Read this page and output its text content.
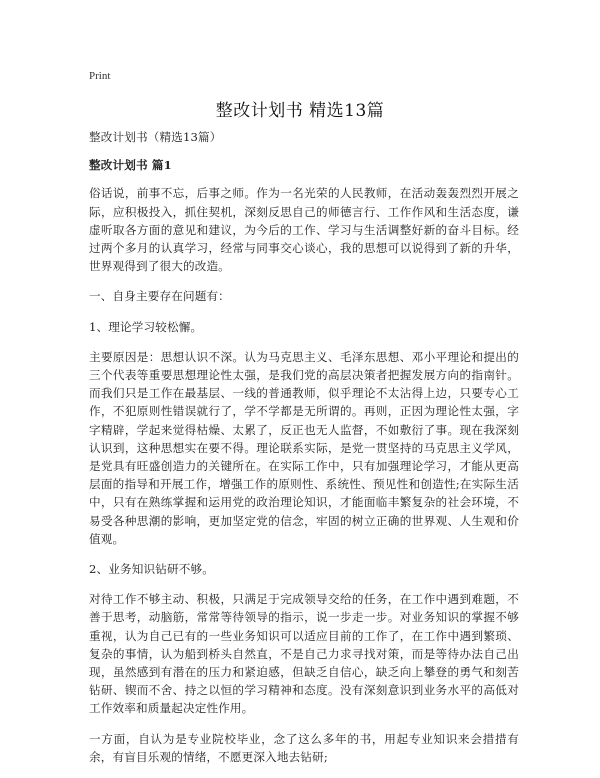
Print
整改计划书 精选13篇

整改计划书（精选13篇）

整改计划书 篇1

俗话说，前事不忘，后事之师。作为一名光荣的人民教师，在活动轰轰烈烈开展之际，应积极投入，抓住契机，深刻反思自己的师德言行、工作作风和生活态度，谦虚听取各方面的意见和建议，为今后的工作、学习与生活调整好新的奋斗目标。经过两个多月的认真学习，经常与同事交心谈心，我的思想可以说得到了新的升华，世界观得到了很大的改造。

一、自身主要存在问题有：

1、理论学习较松懈。

主要原因是：思想认识不深。认为马克思主义、毛泽东思想、邓小平理论和提出的三个代表等重要思想理论性太强，是我们党的高层决策者把握发展方向的指南针。而我们只是工作在最基层、一线的普通教师，似乎理论不太沾得上边，只要专心工作，不犯原则性错误就行了，学不学都是无所谓的。再则，正因为理论性太强，字字精辟，学起来觉得枯燥、太累了，反正也无人监督，不如敷衍了事。现在我深刻认识到，这种思想实在要不得。理论联系实际，是党一贯坚持的马克思主义学风，是党具有旺盛创造力的关键所在。在实际工作中，只有加强理论学习，才能从更高层面的指导和开展工作，增强工作的原则性、系统性、预见性和创造性;在实际生活中，只有在熟练掌握和运用党的政治理论知识，才能面临丰繁复杂的社会环境，不易受各种思潮的影响，更加坚定党的信念，牢固的树立正确的世界观、人生观和价值观。

2、业务知识钻研不够。

对待工作不够主动、积极，只满足于完成领导交给的任务，在工作中遇到难题，不善于思考，动脑筋，常常等待领导的指示，说一步走一步。对业务知识的掌握不够重视，认为自己已有的一些业务知识可以适应目前的工作了，在工作中遇到繁琐、复杂的事情，认为船到桥头自然直，不是自己力求寻找对策，而是等待办法自己出现，虽然感到有潜在的压力和紧迫感，但缺乏自信心，缺乏向上攀登的勇气和刻苦钻研、锲而不舍、持之以恒的学习精神和态度。没有深刻意识到业务水平的高低对工作效率和质量起决定性作用。

一方面，自认为是专业院校毕业，念了这么多年的书，用起专业知识来会措措有余，有盲目乐观的情绪，不愿更深入地去钻研;
